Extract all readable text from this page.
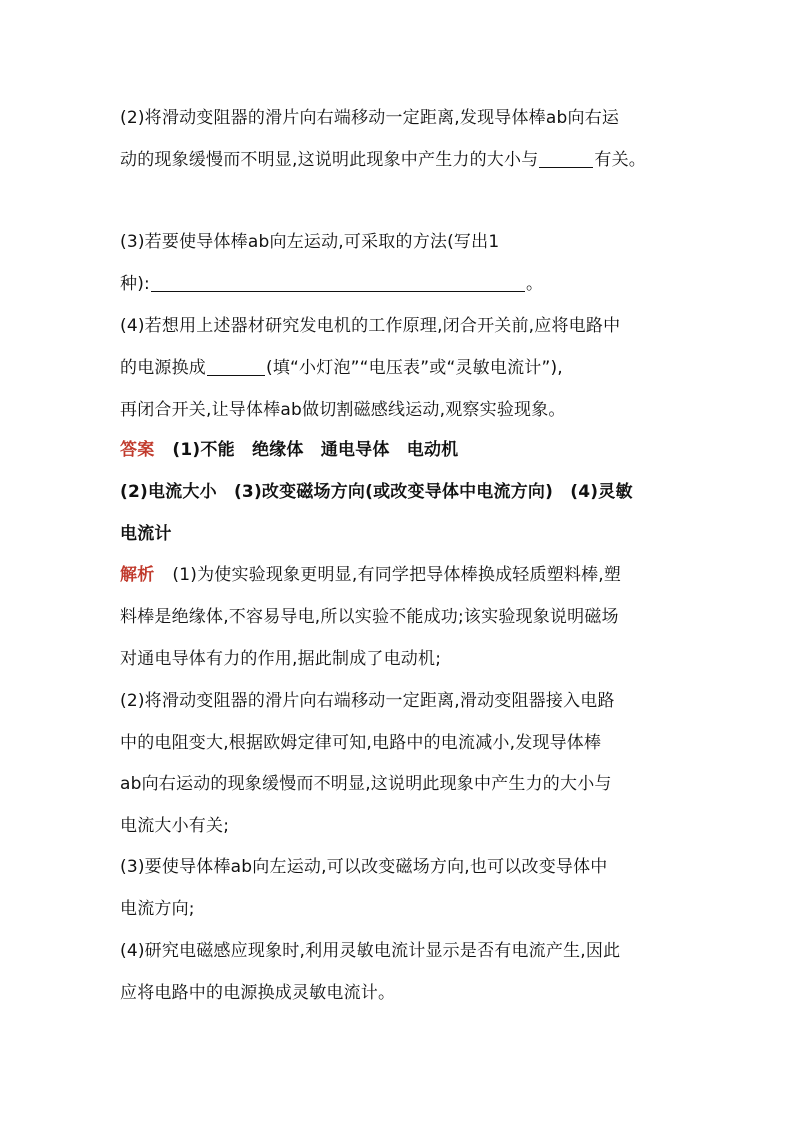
(2)将滑动变阻器的滑片向右端移动一定距离,发现导体棒ab向右运
动的现象缓慢而不明显,这说明此现象中产生力的大小与	有关。
(3)若要使导体棒ab向左运动,可采取的方法(写出1
种):	。
(4)若想用上述器材研究发电机的工作原理,闭合开关前,应将电路中
的电源换成	(填“小灯泡”“电压表”或“灵敏电流计”),
再闭合开关,让导体棒ab做切割磁感线运动,观察实验现象。
答案 (1)不能　绝缘体　通电导体　电动机
(2)电流大小　(3)改变磁场方向(或改变导体中电流方向)　(4)灵敏
电流计
解析 (1)为使实验现象更明显,有同学把导体棒换成轻质塑料棒,塑
料棒是绝缘体,不容易导电,所以实验不能成功;该实验现象说明磁场
对通电导体有力的作用,据此制成了电动机;
(2)将滑动变阻器的滑片向右端移动一定距离,滑动变阻器接入电路
中的电阻变大,根据欧姆定律可知,电路中的电流减小,发现导体棒
ab向右运动的现象缓慢而不明显,这说明此现象中产生力的大小与
电流大小有关;
(3)要使导体棒ab向左运动,可以改变磁场方向,也可以改变导体中
电流方向;
(4)研究电磁感应现象时,利用灵敏电流计显示是否有电流产生,因此
应将电路中的电源换成灵敏电流计。
